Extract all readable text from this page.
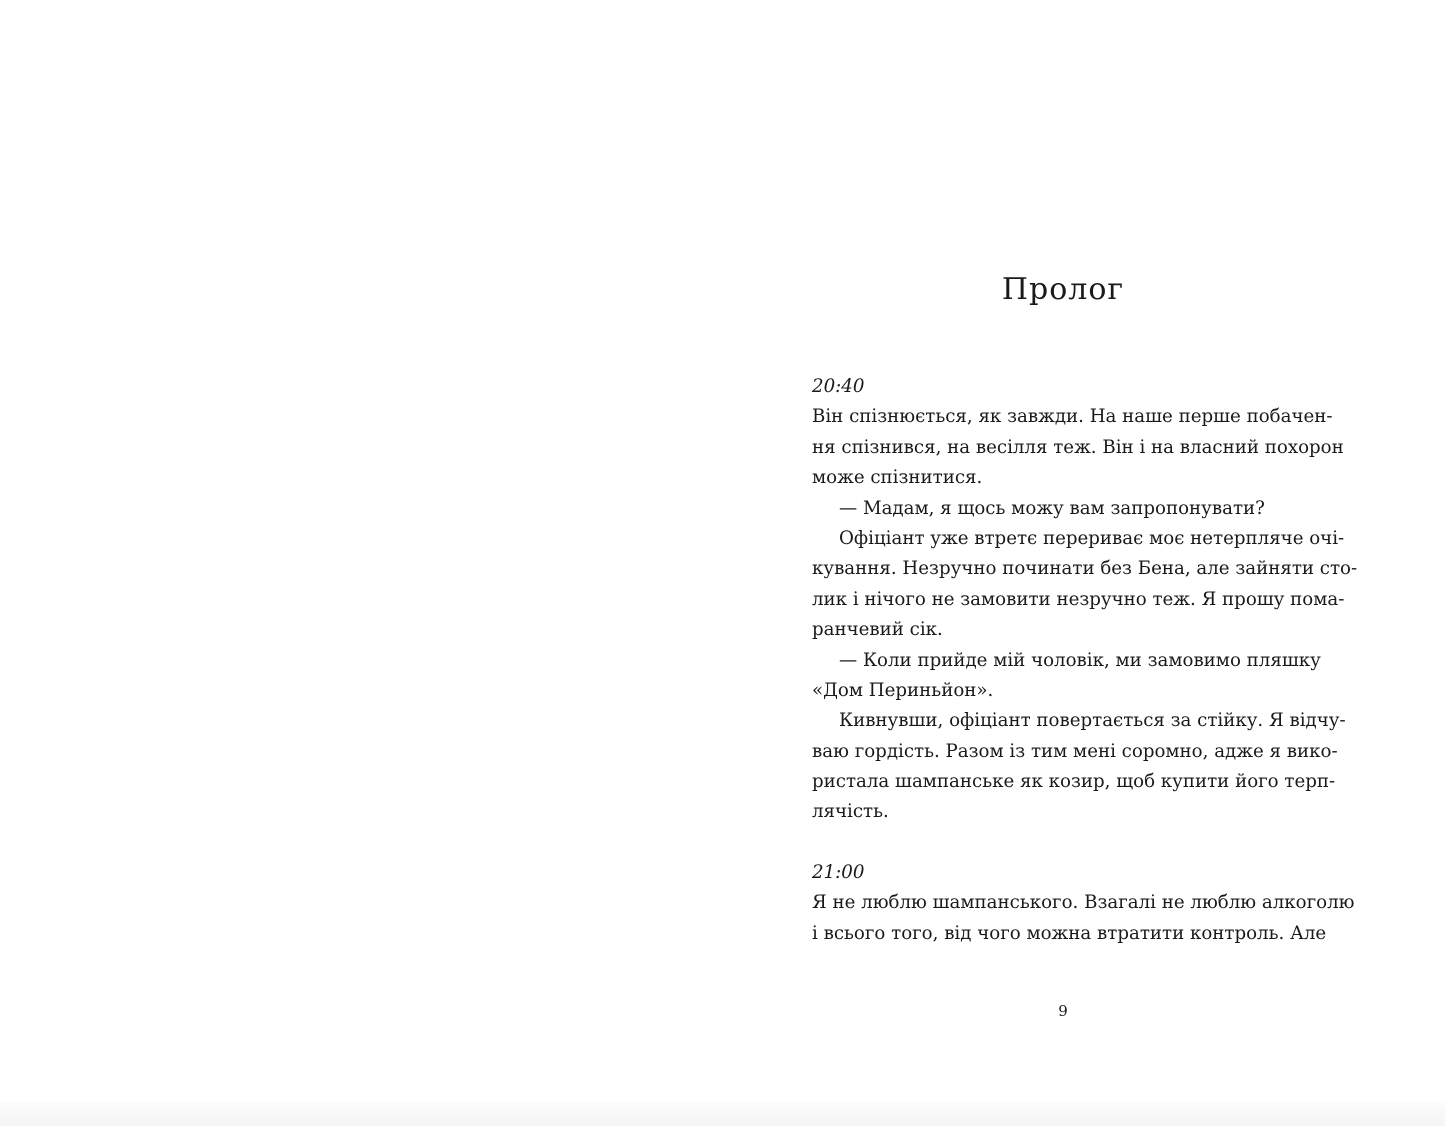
Пролог
20:40
Він спізнюється, як завжди. На наше перше побачен-
ня спізнився, на весілля теж. Він і на власний похорон
може спізнитися.
— Мадам, я щось можу вам запропонувати?
Офіціант уже втретє перериває моє нетерпляче очі-
кування. Незручно починати без Бена, але зайняти сто-
лик і нічого не замовити незручно теж. Я прошу помa-
ранчевий сік.
— Коли прийде мій чоловік, ми замовимо пляшку
«Дом Периньйон».
Кивнувши, офіціант повертається за стійку. Я відчу-
ваю гордість. Разом із тим мені соромно, адже я вико-
ристала шампанське як козир, щоб купити його терп-
лячість.
21:00
Я не люблю шампанського. Взагалі не люблю алкоголю
і всього того, від чого можна втратити контроль. Але
9
